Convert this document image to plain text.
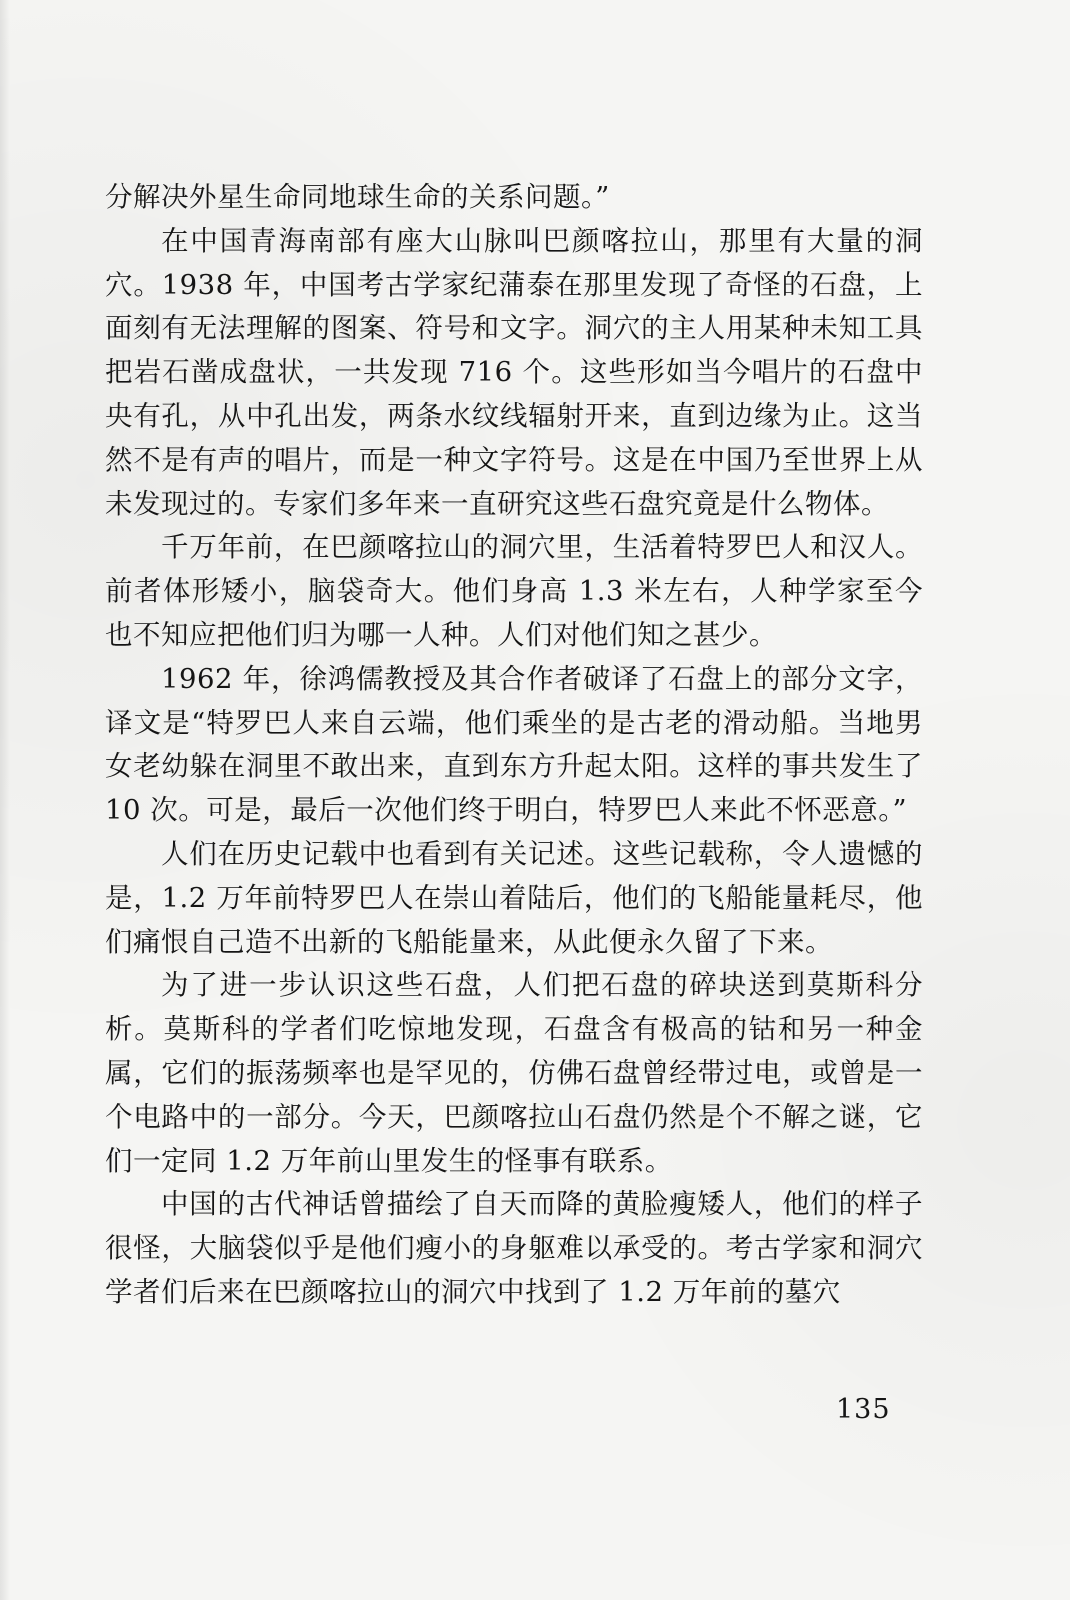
分解决外星生命同地球生命的关系问题。”

在中国青海南部有座大山脉叫巴颜喀拉山，那里有大量的洞穴。1938 年，中国考古学家纪蒲泰在那里发现了奇怪的石盘，上面刻有无法理解的图案、符号和文字。洞穴的主人用某种未知工具把岩石凿成盘状，一共发现 716 个。这些形如当今唱片的石盘中央有孔，从中孔出发，两条水纹线辐射开来，直到边缘为止。这当然不是有声的唱片，而是一种文字符号。这是在中国乃至世界上从未发现过的。专家们多年来一直研究这些石盘究竟是什么物体。

千万年前，在巴颜喀拉山的洞穴里，生活着特罗巴人和汉人。前者体形矮小，脑袋奇大。他们身高 1.3 米左右，人种学家至今也不知应把他们归为哪一人种。人们对他们知之甚少。

1962 年，徐鸿儒教授及其合作者破译了石盘上的部分文字，译文是“特罗巴人来自云端，他们乘坐的是古老的滑动船。当地男女老幼躲在洞里不敢出来，直到东方升起太阳。这样的事共发生了 10 次。可是，最后一次他们终于明白，特罗巴人来此不怀恶意。”

人们在历史记载中也看到有关记述。这些记载称，令人遗憾的是，1.2 万年前特罗巴人在崇山着陆后，他们的飞船能量耗尽，他们痛恨自己造不出新的飞船能量来，从此便永久留了下来。

为了进一步认识这些石盘，人们把石盘的碎块送到莫斯科分析。莫斯科的学者们吃惊地发现，石盘含有极高的钴和另一种金属，它们的振荡频率也是罕见的，仿佛石盘曾经带过电，或曾是一个电路中的一部分。今天，巴颜喀拉山石盘仍然是个不解之谜，它们一定同 1.2 万年前山里发生的怪事有联系。

中国的古代神话曾描绘了自天而降的黄脸瘦矮人，他们的样子很怪，大脑袋似乎是他们瘦小的身躯难以承受的。考古学家和洞穴学者们后来在巴颜喀拉山的洞穴中找到了 1.2 万年前的墓穴

135
